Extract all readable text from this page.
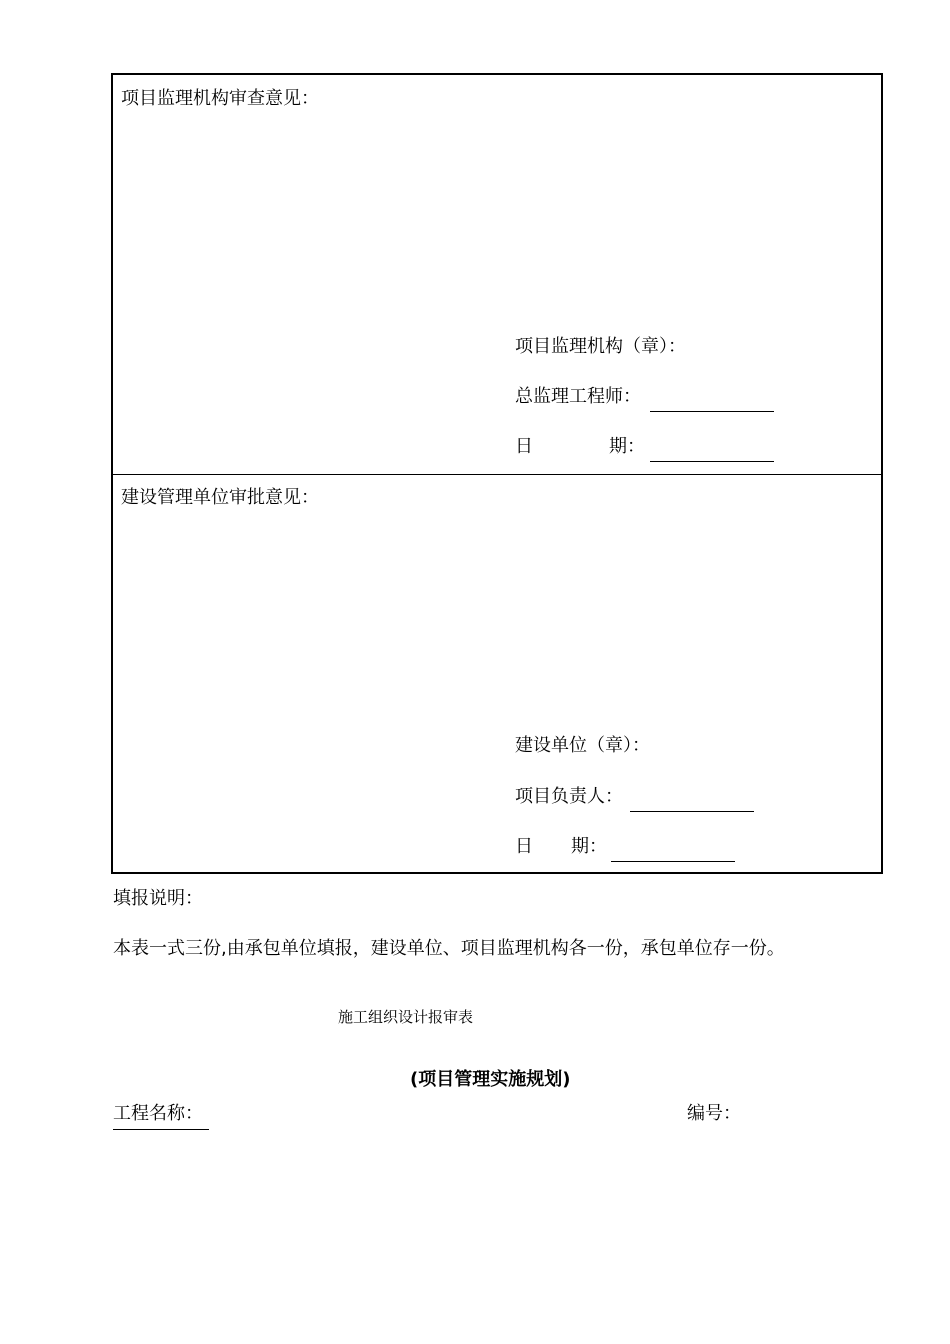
项目监理机构审查意见：
项目监理机构（章）：
总监理工程师：
日	期：
建设管理单位审批意见：
建设单位（章）：
项目负责人：
日 期：
填报说明：
本表一式三份,由承包单位填报，建设单位、项目监理机构各一份，承包单位存一份。
施工组织设计报审表
(项目管理实施规划)
工程名称：	编号：
